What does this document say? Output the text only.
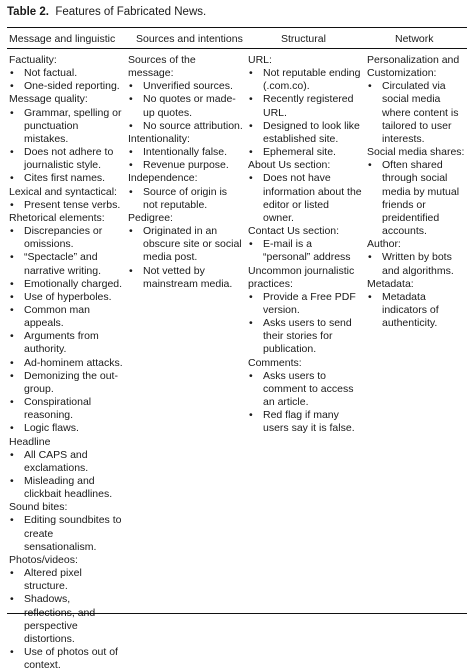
Table 2. Features of Fabricated News.
Message and linguistic Sources and intentions	Structural	Network
Factuality:
• Not factual.
• One-sided reporting.
Message quality:
• Grammar, spelling or punctuation mistakes.
• Does not adhere to journalistic style.
• Cites first names.
Lexical and syntactical:
• Present tense verbs.
Rhetorical elements:
• Discrepancies or omissions.
• “Spectacle” and narrative writing.
• Emotionally charged.
• Use of hyperboles.
• Common man appeals.
• Arguments from authority.
• Ad-hominem attacks.
• Demonizing the out-group.
• Conspirational reasoning.
• Logic flaws.
Headline
• All CAPS and exclamations.
• Misleading and clickbait headlines.
Sound bites:
• Editing soundbites to create sensationalism.
Photos/videos:
• Altered pixel structure.
• Shadows, reflections, and perspective distortions.
• Use of photos out of context.
Sources of the message:
• Unverified sources.
• No quotes or made-up quotes.
• No source attribution.
Intentionality:
• Intentionally false.
• Revenue purpose.
Independence:
• Source of origin is not reputable.
Pedigree:
• Originated in an obscure site or social media post.
• Not vetted by mainstream media.
URL:
• Not reputable ending (.com.co).
• Recently registered URL.
• Designed to look like established site.
• Ephemeral site.
About Us section:
• Does not have information about the editor or listed owner.
Contact Us section:
• E-mail is a “personal” address
Uncommon journalistic practices:
• Provide a Free PDF version.
• Asks users to send their stories for publication.
Comments:
• Asks users to comment to access an article.
• Red flag if many users say it is false.
Personalization and Customization:
• Circulated via social media where content is tailored to user interests.
Social media shares:
• Often shared through social media by mutual friends or preidentified accounts.
Author:
• Written by bots and algorithms.
Metadata:
• Metadata indicators of authenticity.
